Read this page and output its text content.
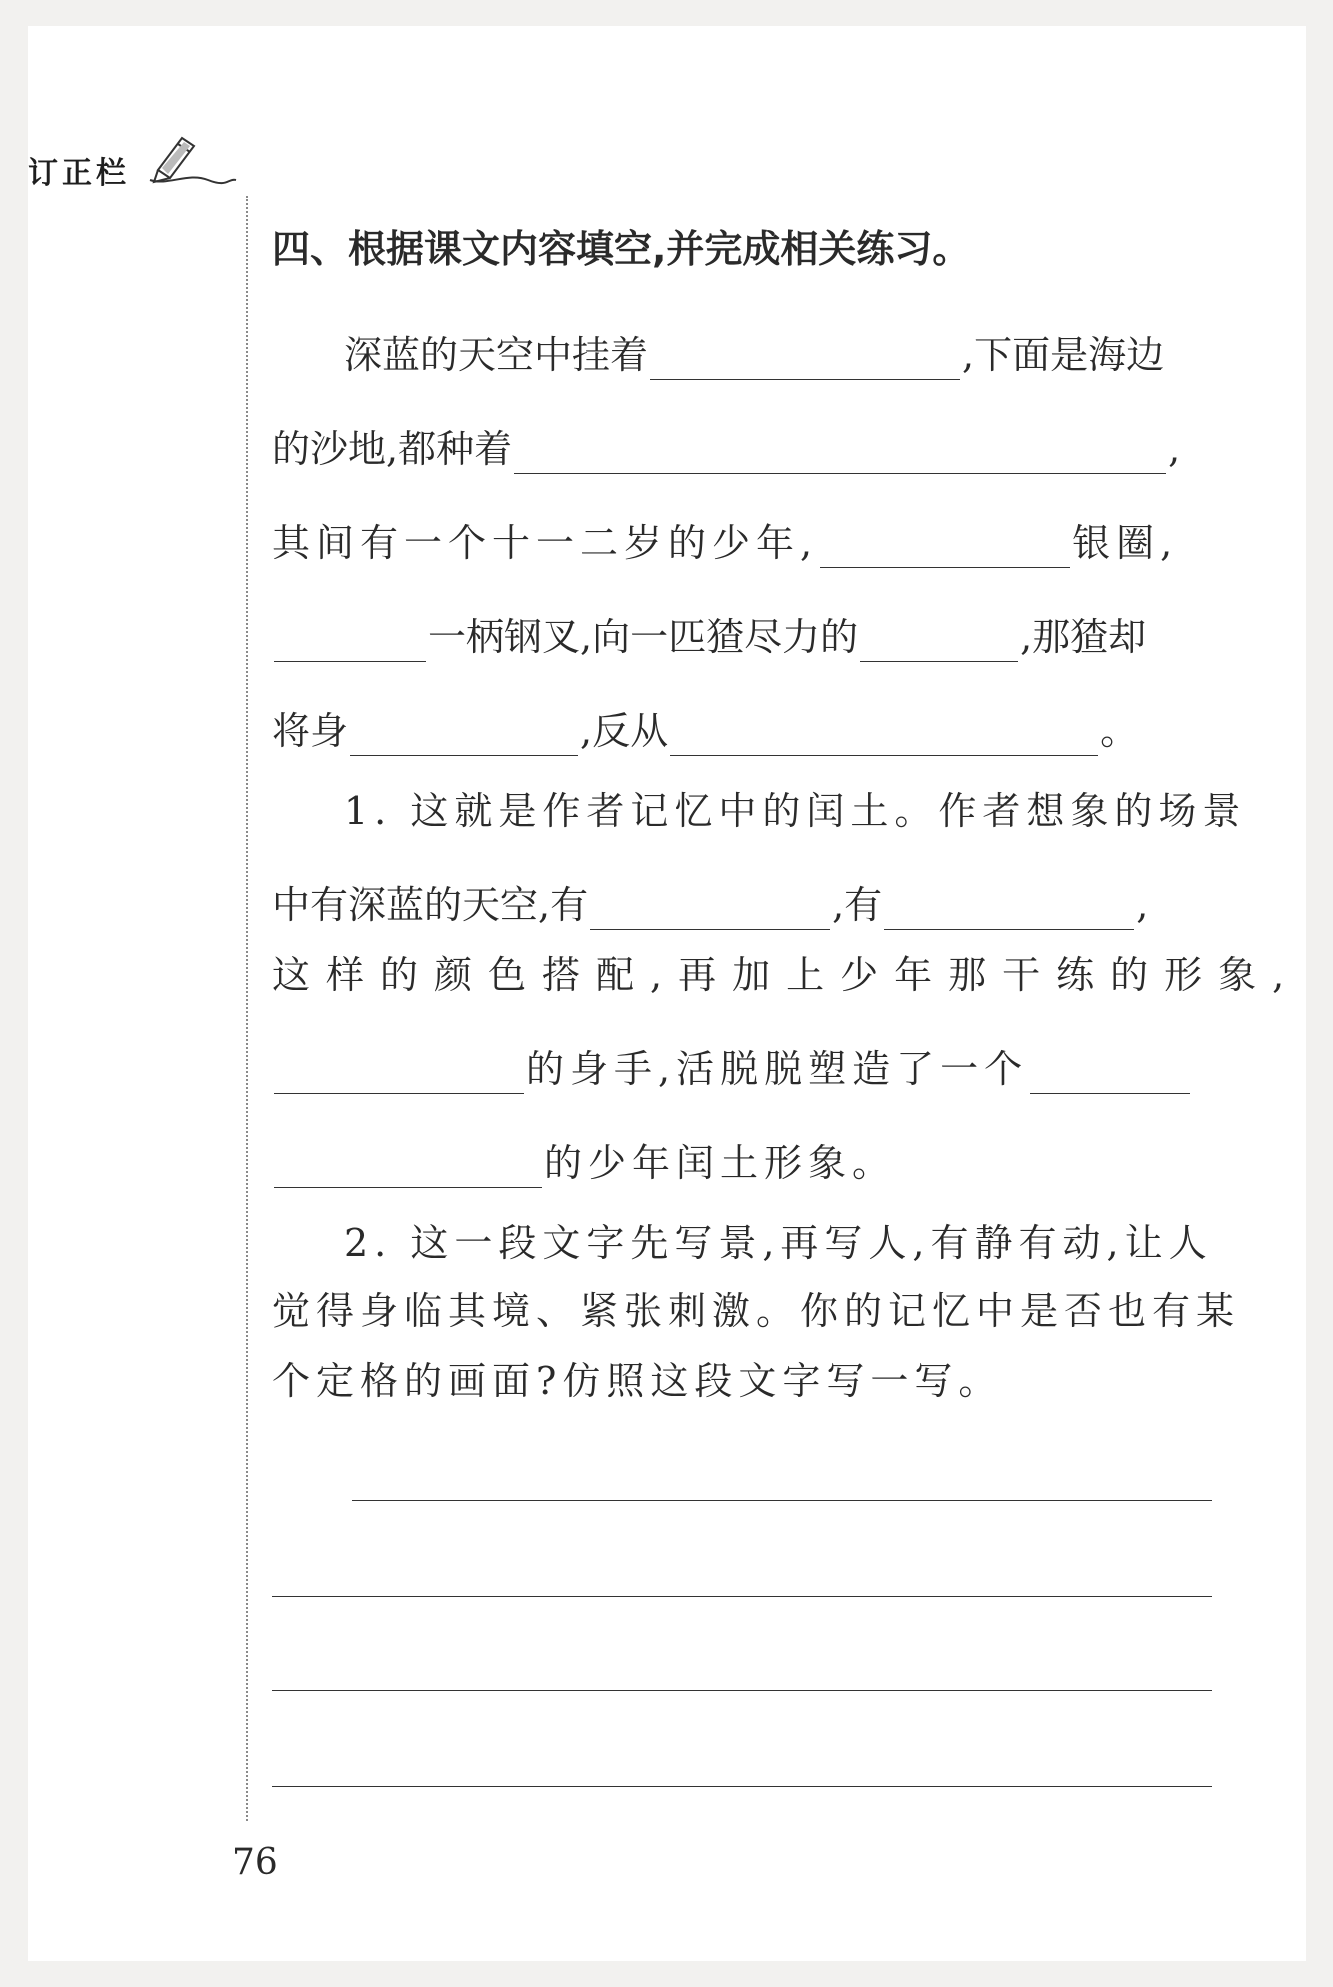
订正栏
四、根据课文内容填空,并完成相关练习。
深蓝的天空中挂着	,下面是海边
的沙地,都种着	,
其间有一个十一二岁的少年,	银圈,
一柄钢叉,向一匹猹尽力的	,那猹却
将身	,反从	。
1. 这就是作者记忆中的闰土。作者想象的场景
中有深蓝的天空,有	,有	,
这样的颜色搭配,再加上少年那干练的形象,
的身手,活脱脱塑造了一个
的少年闰土形象。
2. 这一段文字先写景,再写人,有静有动,让人
觉得身临其境、紧张刺激。你的记忆中是否也有某
个定格的画面?仿照这段文字写一写。
76
